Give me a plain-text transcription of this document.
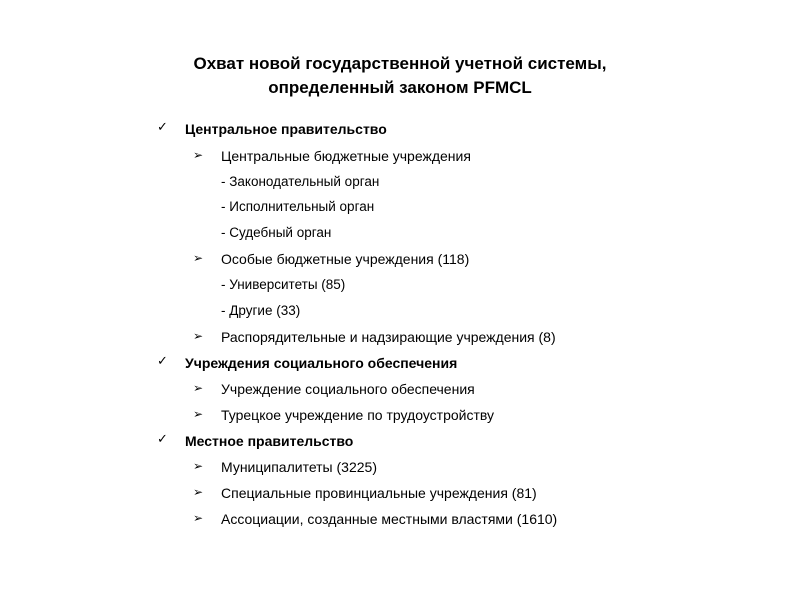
Охват новой государственной учетной системы,
определенный законом PFMCL
✓ Центральное правительство
➢ Центральные бюджетные учреждения
- Законодательный орган
- Исполнительный орган
- Судебный орган
➢ Особые бюджетные учреждения (118)
- Университеты (85)
- Другие (33)
➢ Распорядительные и надзирающие учреждения (8)
✓ Учреждения социального обеспечения
➢ Учреждение социального обеспечения
➢ Турецкое учреждение по трудоустройству
✓ Местное правительство
➢ Муниципалитеты (3225)
➢ Специальные провинциальные учреждения (81)
➢ Ассоциации, созданные местными властями (1610)
